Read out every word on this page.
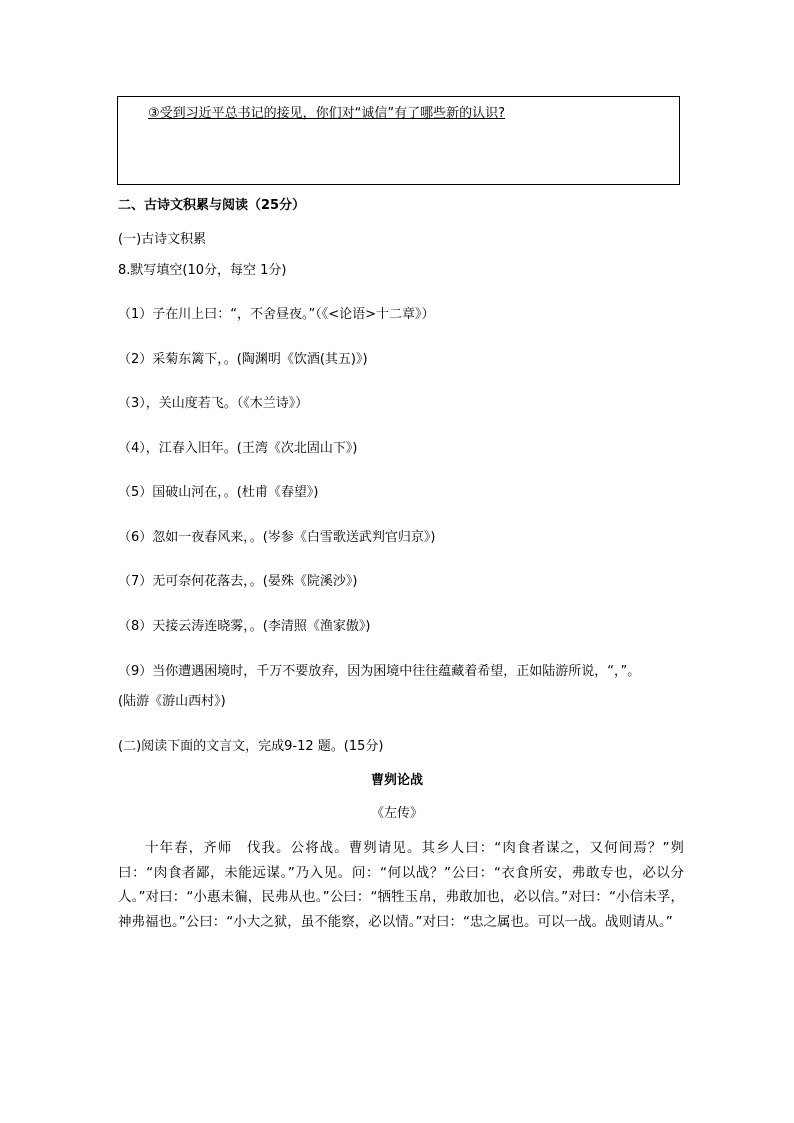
③受到习近平总书记的接见，你们对“诚信”有了哪些新的认识?
二、古诗文积累与阅读（25分）
(一)古诗文积累
8.默写填空(10分，每空 1分)
（1）子在川上曰：“，不舍昼夜。”（《<论语>十二章》）
（2）采菊东篱下，。(陶渊明《饮酒(其五)》)
（3），关山度若飞。（《木兰诗》）
（4），江春入旧年。(王湾《次北固山下》)
（5）国破山河在，。(杜甫《春望》)
（6）忽如一夜春风来，。(岑参《白雪歌送武判官归京》)
（7）无可奈何花落去，。(晏殊《院溪沙》)
（8）天接云涛连晓雾，。(李清照《渔家傲》)
（9）当你遭遇困境时，千万不要放弃，因为困境中往往蕴藏着希望，正如陆游所说，“，”。
(陆游《游山西村》)
(二)阅读下面的文言文，完成9-12 题。(15分)
曹刿论战
《左传》
十年春，齐师　伐我。公将战。曹刿请见。其乡人曰：“肉食者谋之，又何间焉？”刿曰：“肉食者鄙，未能远谋。”乃入见。问：“何以战？”公曰：“衣食所安，弗敢专也，必以分人。”对曰：“小惠未徧，民弗从也。”公曰：“牺牲玉帛，弗敢加也，必以信。”对曰：“小信未孚，神弗福也。”公曰：“小大之狱，虽不能察，必以情。”对曰：“忠之属也。可以一战。战则请从。”
